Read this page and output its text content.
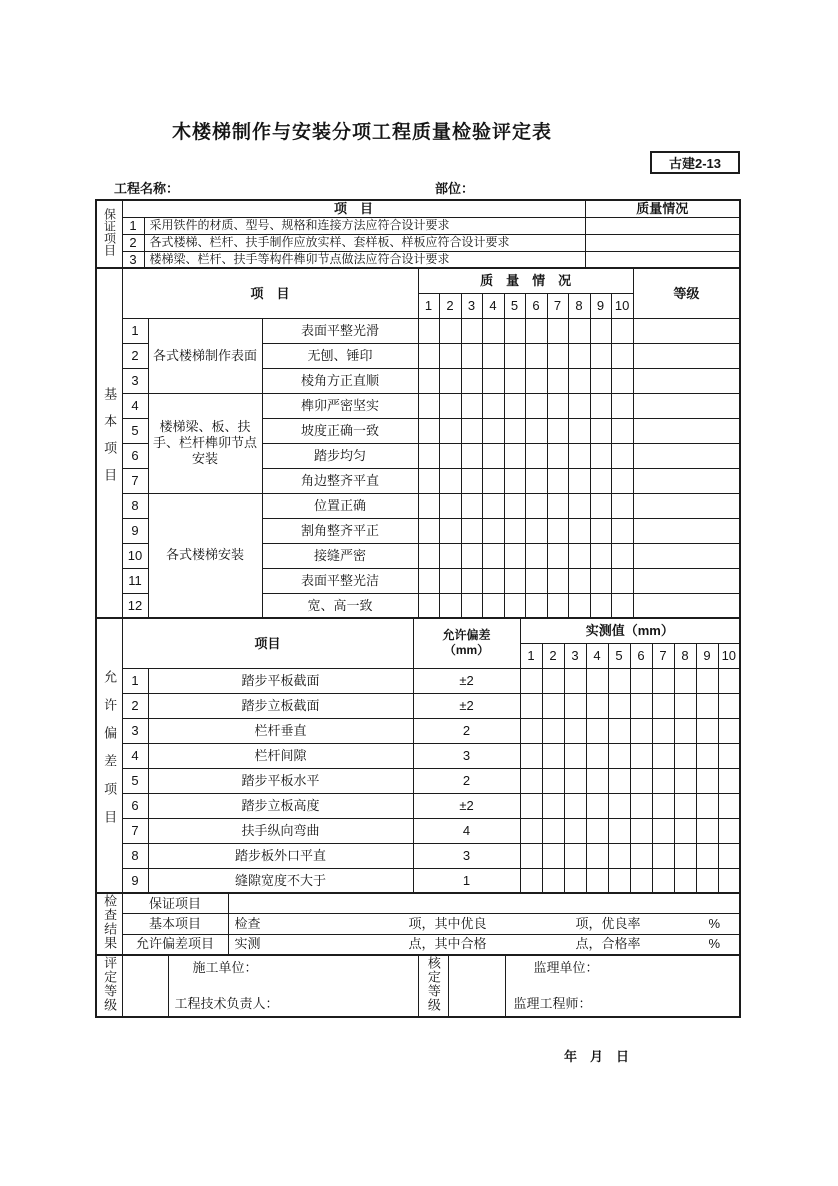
木楼梯制作与安装分项工程质量检验评定表
古建2-13
工程名称：	部位：
保证项目	项　目		质量情况
	1	采用铁件的材质、型号、规格和连接方法应符合设计要求	
	2	各式楼梯、栏杆、扶手制作应放实样、套样板、样板应符合设计要求	
	3	楼梯梁、栏杆、扶手等构件榫卯节点做法应符合设计要求	
基本项目	项　目			质　量　情　况										等级
				1	2	3	4	5	6	7	8	9	10	
	1	各式楼梯制作表面	表面平整光滑											
	2		无刨、锤印											
	3		棱角方正直顺											
	4	楼梯梁、板、扶手、栏杆榫卯节点安装	榫卯严密坚实											
	5		坡度正确一致											
	6		踏步均匀											
	7		角边整齐平直											
	8	各式楼梯安装	位置正确											
	9		割角整齐平正											
	10		接缝严密											
	11		表面平整光洁											
	12		宽、高一致											
允许偏差项目	项目		允许偏差
（mm）	实测值（mm）									
				1	2	3	4	5	6	7	8	9	10
	1	踏步平板截面	±2										
	2	踏步立板截面	±2										
	3	栏杆垂直	2										
	4	栏杆间隙	3										
	5	踏步平板水平	2										
	6	踏步立板高度	±2										
	7	扶手纵向弯曲	4										
	8	踏步板外口平直	3										
	9	缝隙宽度不大于	1										
检查结果	保证项目	
	基本项目	检查 项，其中优良 项，优良率 %

	允许偏差项目	实测 点，其中合格 点，合格率 %
评定等级		施工单位：
工程技术负责人：	核定等级		监理单位：
监理工程师：
年　月　日
